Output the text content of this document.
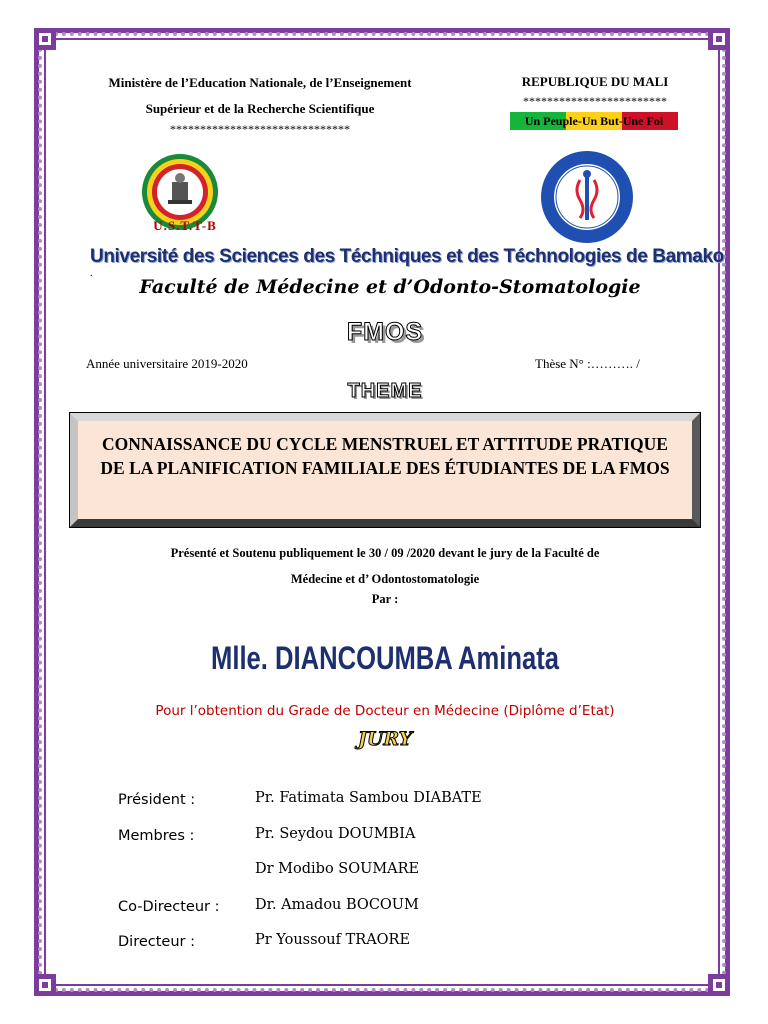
Ministère de l’Education Nationale, de l’Enseignement
Supérieur et de la Recherche Scientifique
******************************
REPUBLIQUE DU MALI
************************
Un Peuple-Un But-Une Foi
U.S.T.T-B
Université des Sciences des Téchniques et des Téchnologies de Bamako
.
Faculté de Médecine et d’Odonto-Stomatologie
FMOS
Année universitaire 2019-2020	Thèse N° :………. /
THEME
CONNAISSANCE DU CYCLE MENSTRUEL ET ATTITUDE PRATIQUE DE LA PLANIFICATION FAMILIALE DES ÉTUDIANTES DE LA FMOS
Présenté et Soutenu publiquement le 30 / 09 /2020 devant le jury de la Faculté de
Médecine et d’ Odontostomatologie
Par :
Mlle. DIANCOUMBA Aminata
Pour l’obtention du Grade de Docteur en Médecine (Diplôme d’Etat)
JURY
Président :	Pr. Fatimata Sambou DIABATE
Membres :	Pr. Seydou DOUMBIA
Dr Modibo SOUMARE
Co-Directeur : Dr. Amadou BOCOUM
Directeur :	Pr Youssouf TRAORE
